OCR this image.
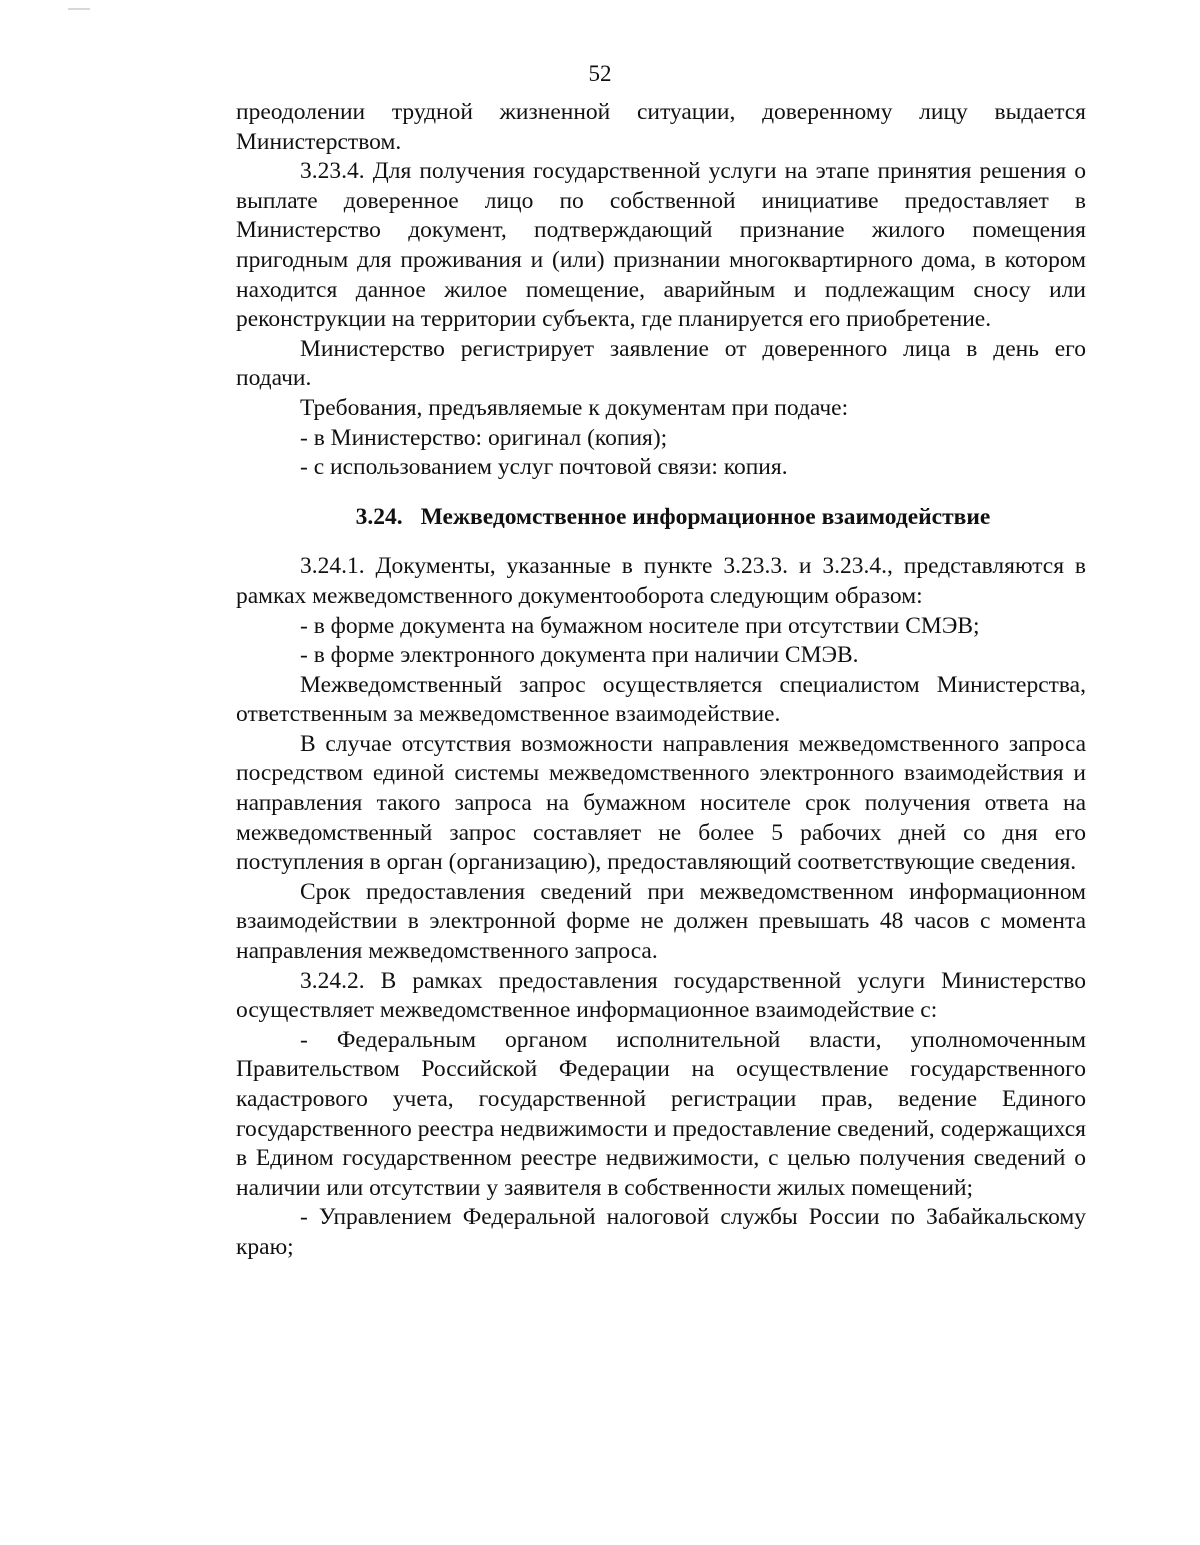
52

преодолении трудной жизненной ситуации, доверенному лицу выдается Министерством.

3.23.4. Для получения государственной услуги на этапе принятия решения о выплате доверенное лицо по собственной инициативе предоставляет в Министерство документ, подтверждающий признание жилого помещения пригодным для проживания и (или) признании многоквартирного дома, в котором находится данное жилое помещение, аварийным и подлежащим сносу или реконструкции на территории субъекта, где планируется его приобретение.

Министерство регистрирует заявление от доверенного лица в день его подачи.

Требования, предъявляемые к документам при подаче:

- в Министерство: оригинал (копия);

- с использованием услуг почтовой связи: копия.

3.24. Межведомственное информационное взаимодействие

3.24.1. Документы, указанные в пункте 3.23.3. и 3.23.4., представляются в рамках межведомственного документооборота следующим образом:

- в форме документа на бумажном носителе при отсутствии СМЭВ;

- в форме электронного документа при наличии СМЭВ.

Межведомственный запрос осуществляется специалистом Министерства, ответственным за межведомственное взаимодействие.

В случае отсутствия возможности направления межведомственного запроса посредством единой системы межведомственного электронного взаимодействия и направления такого запроса на бумажном носителе срок получения ответа на межведомственный запрос составляет не более 5 рабочих дней со дня его поступления в орган (организацию), предоставляющий соответствующие сведения.

Срок предоставления сведений при межведомственном информационном взаимодействии в электронной форме не должен превышать 48 часов с момента направления межведомственного запроса.

3.24.2. В рамках предоставления государственной услуги Министерство осуществляет межведомственное информационное взаимодействие с:

- Федеральным органом исполнительной власти, уполномоченным Правительством Российской Федерации на осуществление государственного кадастрового учета, государственной регистрации прав, ведение Единого государственного реестра недвижимости и предоставление сведений, содержащихся в Едином государственном реестре недвижимости, с целью получения сведений о наличии или отсутствии у заявителя в собственности жилых помещений;

- Управлением Федеральной налоговой службы России по Забайкальскому краю;
